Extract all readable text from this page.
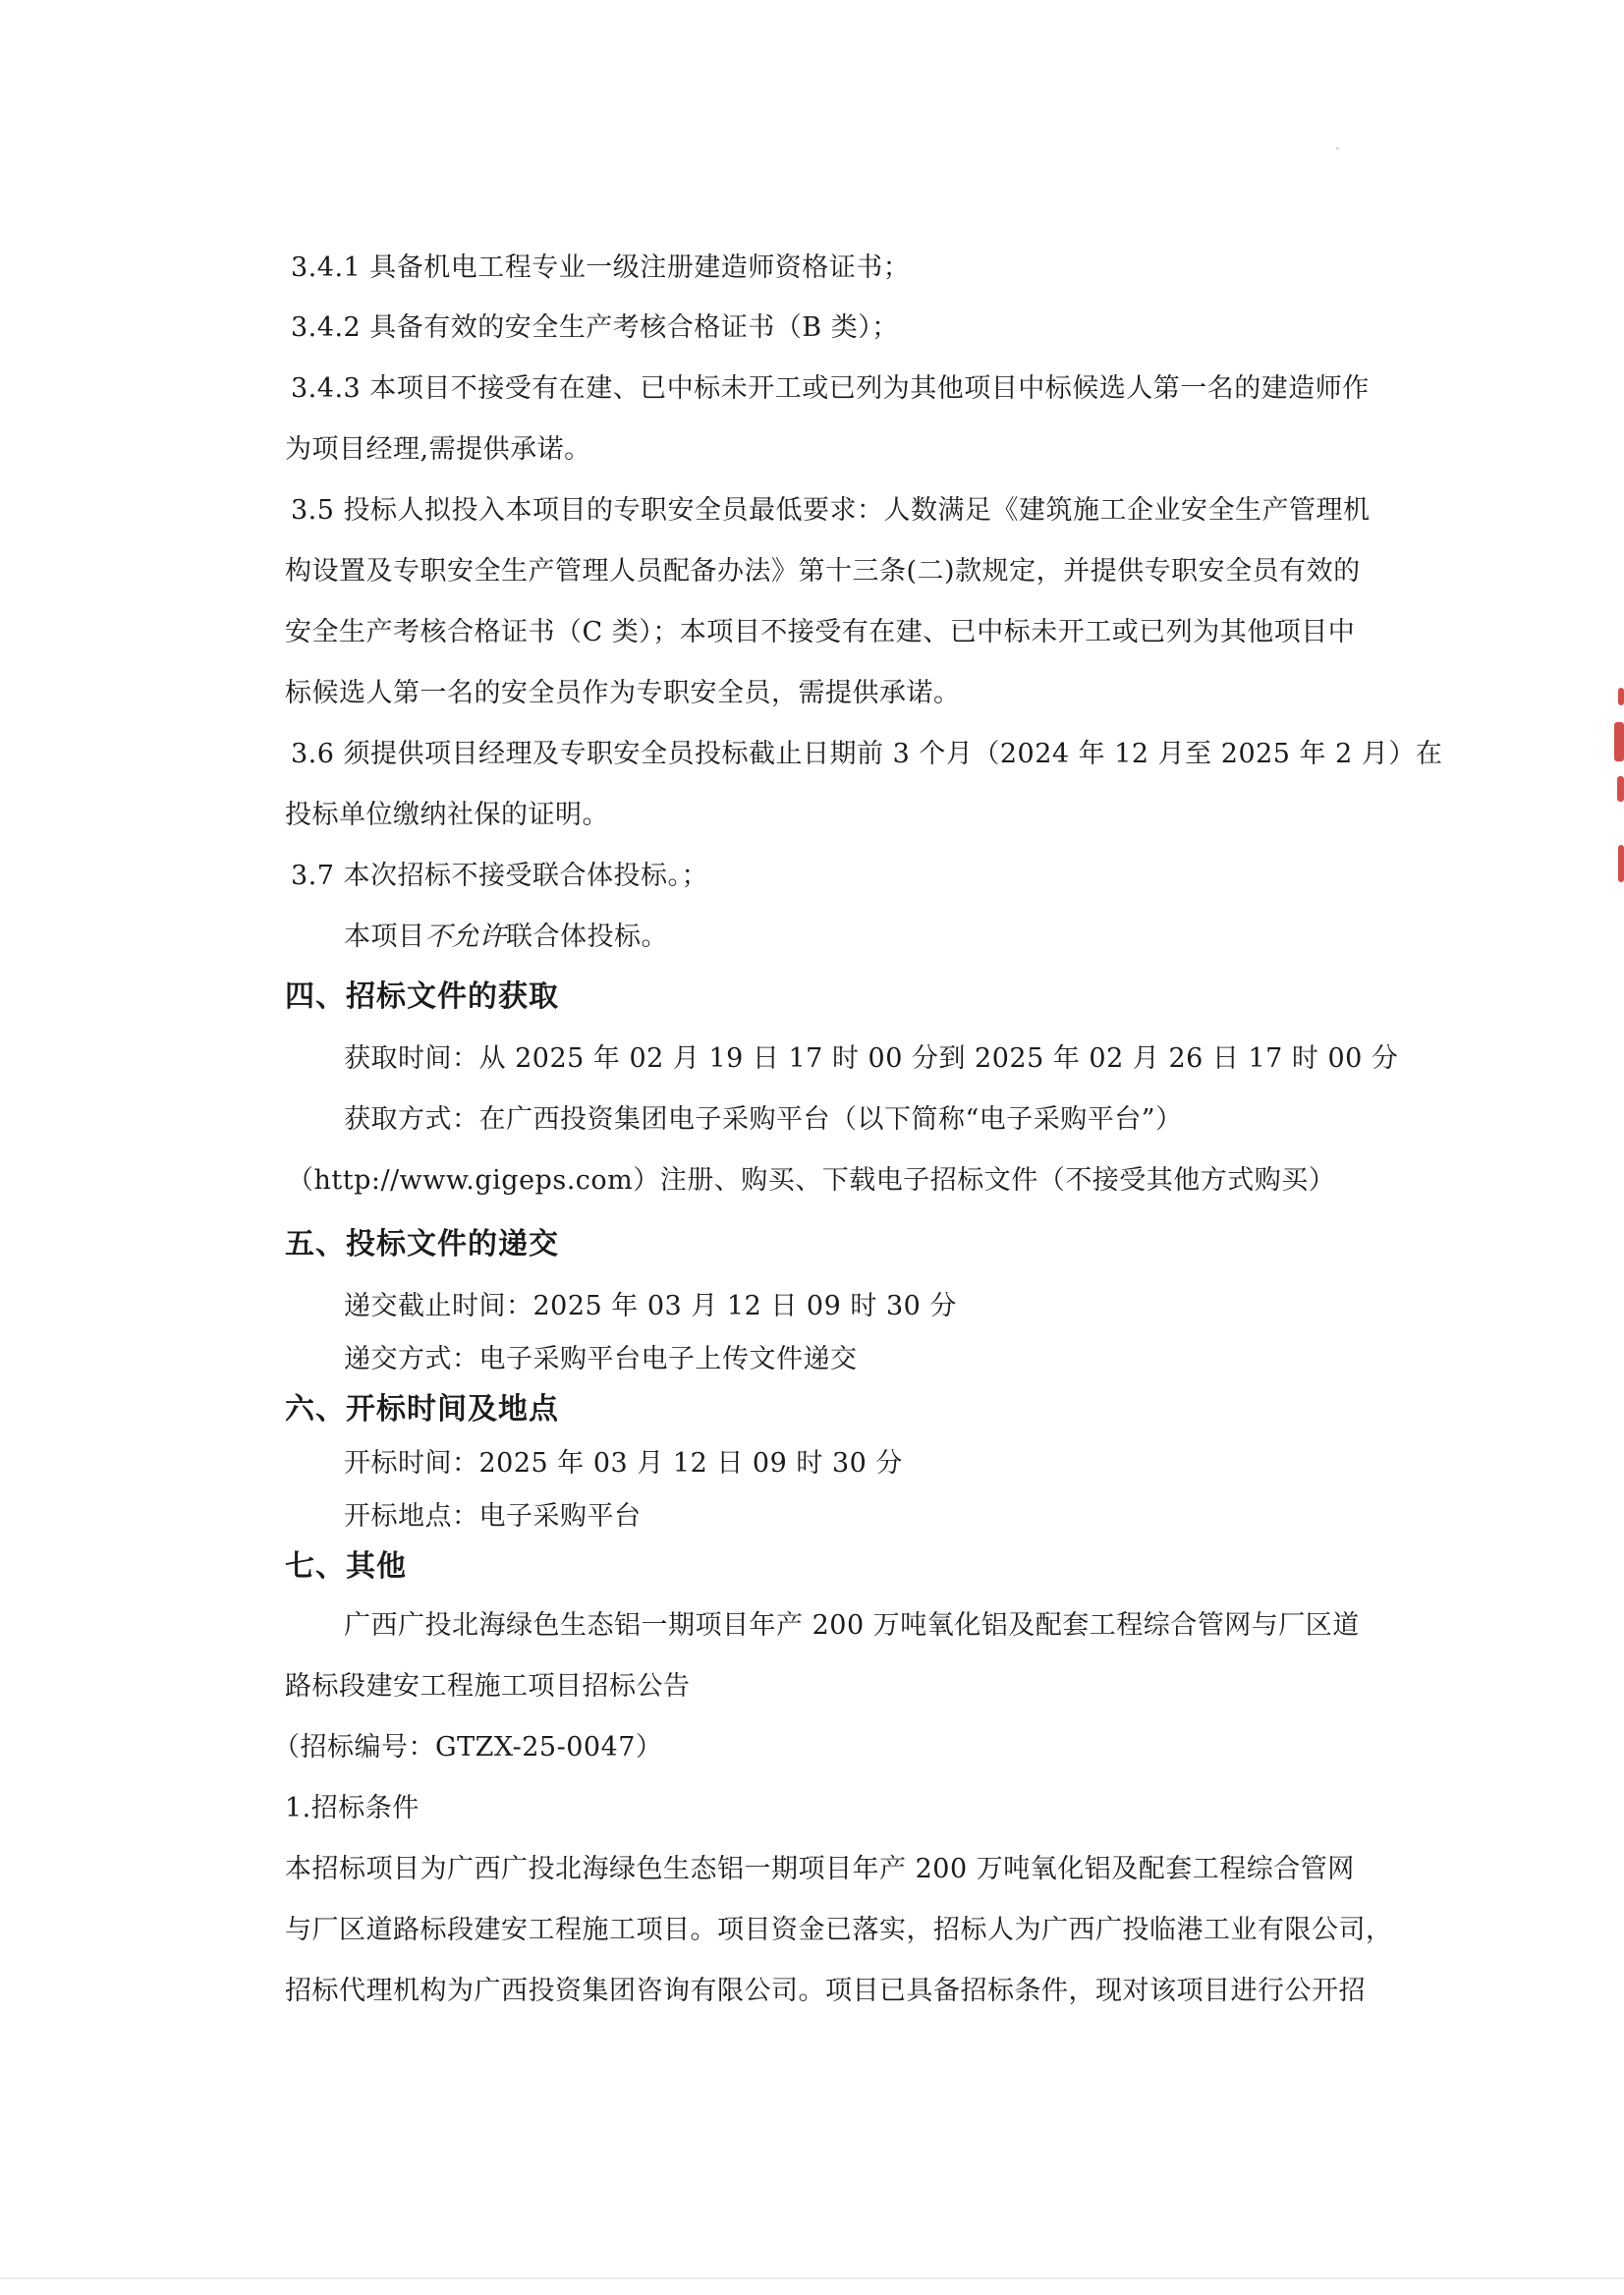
3.4.1 具备机电工程专业一级注册建造师资格证书；
3.4.2 具备有效的安全生产考核合格证书（B 类）；
3.4.3 本项目不接受有在建、已中标未开工或已列为其他项目中标候选人第一名的建造师作
为项目经理,需提供承诺。
3.5 投标人拟投入本项目的专职安全员最低要求：人数满足《建筑施工企业安全生产管理机
构设置及专职安全生产管理人员配备办法》第十三条(二)款规定，并提供专职安全员有效的
安全生产考核合格证书（C 类）；本项目不接受有在建、已中标未开工或已列为其他项目中
标候选人第一名的安全员作为专职安全员，需提供承诺。
3.6 须提供项目经理及专职安全员投标截止日期前 3 个月（2024 年 12 月至 2025 年 2 月）在
投标单位缴纳社保的证明。
3.7 本次招标不接受联合体投标。；
本项目不允许联合体投标。
四、招标文件的获取
获取时间：从 2025 年 02 月 19 日 17 时 00 分到 2025 年 02 月 26 日 17 时 00 分
获取方式：在广西投资集团电子采购平台（以下简称“电子采购平台”）
（http://www.gigeps.com）注册、购买、下载电子招标文件（不接受其他方式购买）
五、投标文件的递交
递交截止时间：2025 年 03 月 12 日 09 时 30 分
递交方式：电子采购平台电子上传文件递交
六、开标时间及地点
开标时间：2025 年 03 月 12 日 09 时 30 分
开标地点：电子采购平台
七、其他
广西广投北海绿色生态铝一期项目年产 200 万吨氧化铝及配套工程综合管网与厂区道
路标段建安工程施工项目招标公告
（招标编号：GTZX-25-0047）
1.招标条件
本招标项目为广西广投北海绿色生态铝一期项目年产 200 万吨氧化铝及配套工程综合管网
与厂区道路标段建安工程施工项目。项目资金已落实，招标人为广西广投临港工业有限公司，
招标代理机构为广西投资集团咨询有限公司。项目已具备招标条件，现对该项目进行公开招
